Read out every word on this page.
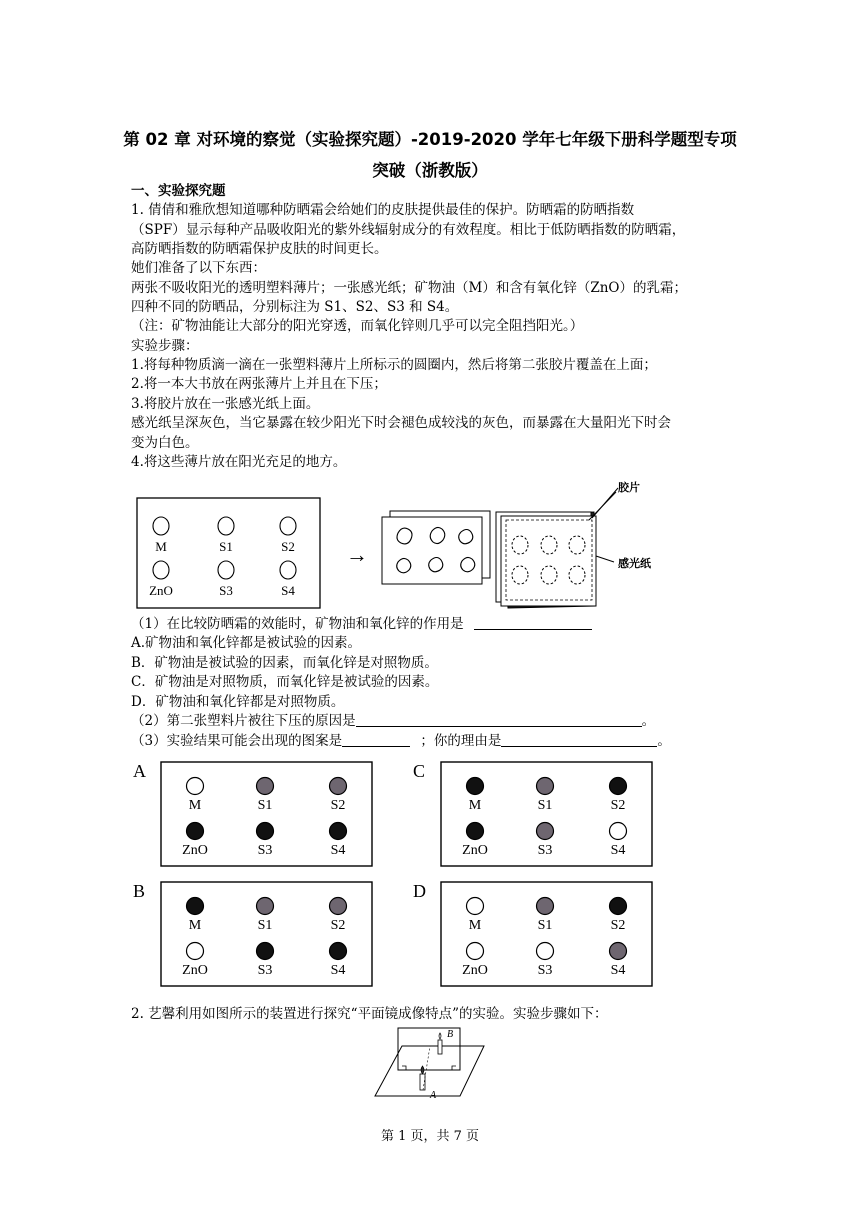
第 02 章 对环境的察觉（实验探究题）-2019-2020 学年七年级下册科学题型专项
突破（浙教版）
一、实验探究题
1. 倩倩和雅欣想知道哪种防晒霜会给她们的皮肤提供最佳的保护。防晒霜的防晒指数
（SPF）显示每种产品吸收阳光的紫外线辐射成分的有效程度。相比于低防晒指数的防晒霜，
高防晒指数的防晒霜保护皮肤的时间更长。
她们准备了以下东西：
两张不吸收阳光的透明塑料薄片；一张感光纸；矿物油（M）和含有氧化锌（ZnO）的乳霜；
四种不同的防晒品，分别标注为 S1、S2、S3 和 S4。
（注：矿物油能让大部分的阳光穿透，而氧化锌则几乎可以完全阻挡阳光。）
实验步骤：
1.将每种物质滴一滴在一张塑料薄片上所标示的圆圈内，然后将第二张胶片覆盖在上面；
2.将一本大书放在两张薄片上并且在下压；
3.将胶片放在一张感光纸上面。
感光纸呈深灰色，当它暴露在较少阳光下时会褪色成较浅的灰色，而暴露在大量阳光下时会
变为白色。
4.将这些薄片放在阳光充足的地方。
M	S1	S2
ZnO	S3	S4
→
胶片
感光纸
（1）在比较防晒霜的效能时，矿物油和氧化锌的作用是
A.矿物油和氧化锌都是被试验的因素。
B．矿物油是被试验的因素，而氧化锌是对照物质。
C．矿物油是对照物质，而氧化锌是被试验的因素。
D．矿物油和氧化锌都是对照物质。
（2）第二张塑料片被往下压的原因是	。
（3）实验结果可能会出现的图案是	；你的理由是	。
A
M	S1	S2
ZnO	S3	S4
C
M	S1	S2
ZnO	S3	S4
B
M	S1	S2
ZnO	S3	S4
D
M	S1	S2
ZnO	S3	S4
2. 艺馨利用如图所示的装置进行探究“平面镜成像特点”的实验。实验步骤如下：
B
A
第 1 页，共 7 页
